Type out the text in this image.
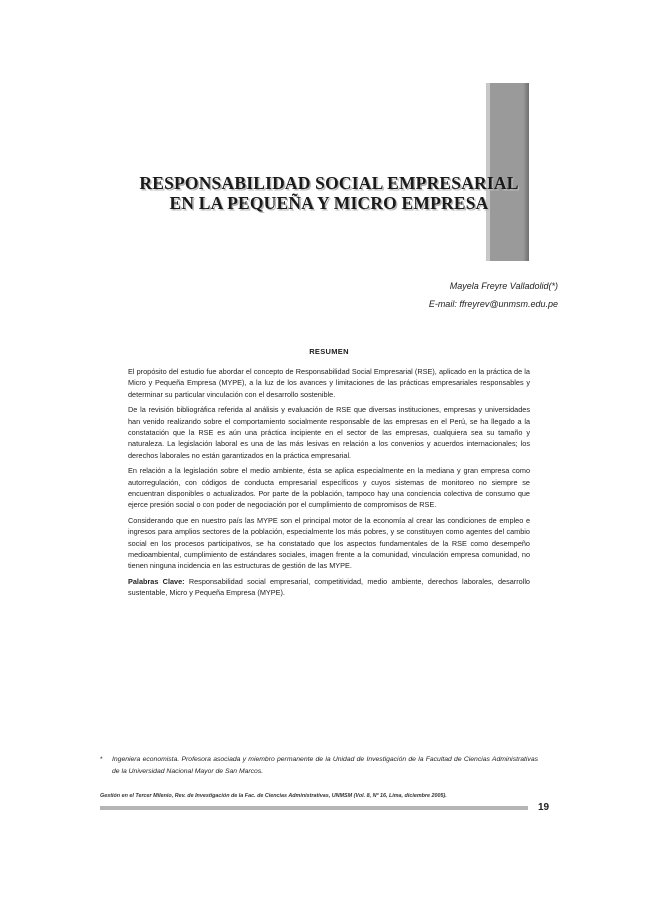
RESPONSABILIDAD SOCIAL EMPRESARIAL
EN LA PEQUEÑA Y MICRO EMPRESA
Mayela Freyre Valladolid(*)
E-mail: ffreyrev@unmsm.edu.pe
RESUMEN

El propósito del estudio fue abordar el concepto de Responsabilidad Social Empresarial (RSE), aplicado en la práctica de la Micro y Pequeña Empresa (MYPE), a la luz de los avances y limitaciones de las prácticas empresariales responsables y determinar su particular vinculación con el desarrollo sostenible.

De la revisión bibliográfica referida al análisis y evaluación de RSE que diversas instituciones, empresas y universidades han venido realizando sobre el comportamiento socialmente responsable de las empresas en el Perú, se ha llegado a la constatación que la RSE es aún una práctica incipiente en el sector de las empresas, cualquiera sea su tamaño y naturaleza. La legislación laboral es una de las más lesivas en relación a los convenios y acuerdos internacionales; los derechos laborales no están garantizados en la práctica empresarial.

En relación a la legislación sobre el medio ambiente, ésta se aplica especialmente en la mediana y gran empresa como autorregulación, con códigos de conducta empresarial específicos y cuyos sistemas de monitoreo no siempre se encuentran disponibles o actualizados. Por parte de la población, tampoco hay una conciencia colectiva de consumo que ejerce presión social o con poder de negociación por el cumplimiento de compromisos de RSE.

Considerando que en nuestro país las MYPE son el principal motor de la economía al crear las condiciones de empleo e ingresos para amplios sectores de la población, especialmente los más pobres, y se constituyen como agentes del cambio social en los procesos participativos, se ha constatado que los aspectos fundamentales de la RSE como desempeño medioambiental, cumplimiento de estándares sociales, imagen frente a la comunidad, vinculación empresa comunidad, no tienen ninguna incidencia en las estructuras de gestión de las MYPE.

Palabras Clave: Responsabilidad social empresarial, competitividad, medio ambiente, derechos laborales, desarrollo sustentable, Micro y Pequeña Empresa (MYPE).

* Ingeniera economista. Profesora asociada y miembro permanente de la Unidad de Investigación de la Facultad de Ciencias Administrativas de la Universidad Nacional Mayor de San Marcos.
Gestión en el Tercer Milenio, Rev. de Investigación de la Fac. de Ciencias Administrativas, UNMSM (Vol. 8, Nº 16, Lima, diciembre 2005).
19
